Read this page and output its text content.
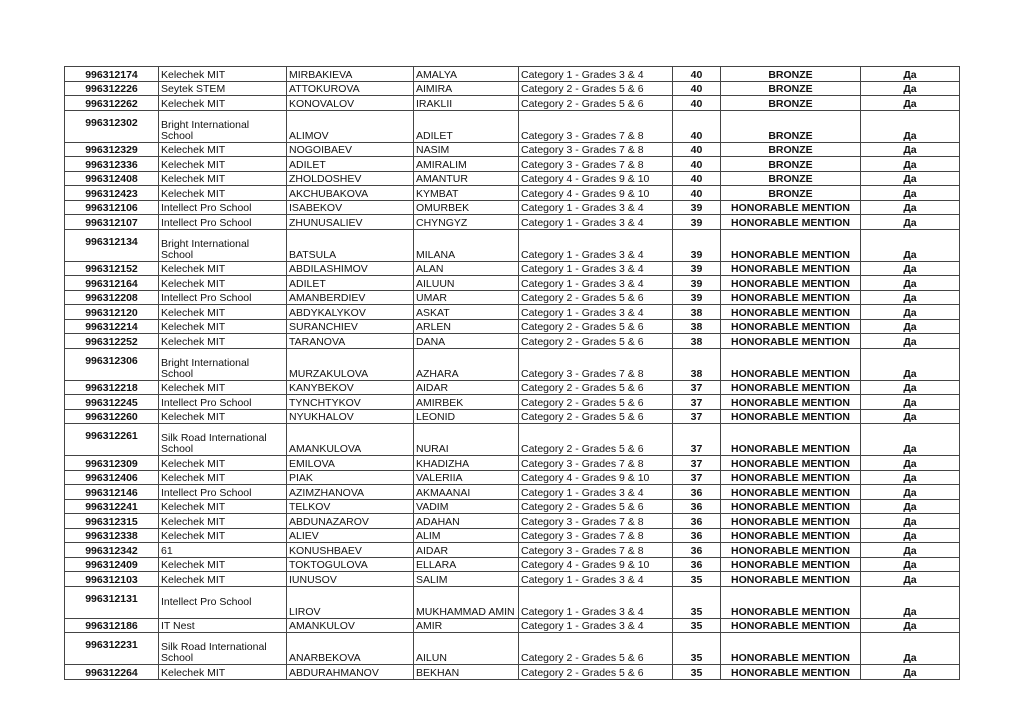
996312174	Kelechek MIT	MIRBAKIEVA	AMALYA	Category 1 - Grades 3 & 4	40	BRONZE	Да
996312226	Seytek STEM	ATTOKUROVA	AIMIRA	Category 2 - Grades 5 & 6	40	BRONZE	Да
996312262	Kelechek MIT	KONOVALOV	IRAKLII	Category 2 - Grades 5 & 6	40	BRONZE	Да
996312302	Bright International School	ALIMOV	ADILET	Category 3 - Grades 7 & 8	40	BRONZE	Да
996312329	Kelechek MIT	NOGOIBAEV	NASIM	Category 3 - Grades 7 & 8	40	BRONZE	Да
996312336	Kelechek MIT	ADILET	AMIRALIM	Category 3 - Grades 7 & 8	40	BRONZE	Да
996312408	Kelechek MIT	ZHOLDOSHEV	AMANTUR	Category 4 - Grades 9 & 10	40	BRONZE	Да
996312423	Kelechek MIT	AKCHUBAKOVA	KYMBAT	Category 4 - Grades 9 & 10	40	BRONZE	Да
996312106	Intellect Pro School	ISABEKOV	OMURBEK	Category 1 - Grades 3 & 4	39	HONORABLE MENTION	Да
996312107	Intellect Pro School	ZHUNUSALIEV	CHYNGYZ	Category 1 - Grades 3 & 4	39	HONORABLE MENTION	Да
996312134	Bright International School	BATSULA	MILANA	Category 1 - Grades 3 & 4	39	HONORABLE MENTION	Да
996312152	Kelechek MIT	ABDILASHIMOV	ALAN	Category 1 - Grades 3 & 4	39	HONORABLE MENTION	Да
996312164	Kelechek MIT	ADILET	AILUUN	Category 1 - Grades 3 & 4	39	HONORABLE MENTION	Да
996312208	Intellect Pro School	AMANBERDIEV	UMAR	Category 2 - Grades 5 & 6	39	HONORABLE MENTION	Да
996312120	Kelechek MIT	ABDYKALYKOV	ASKAT	Category 1 - Grades 3 & 4	38	HONORABLE MENTION	Да
996312214	Kelechek MIT	SURANCHIEV	ARLEN	Category 2 - Grades 5 & 6	38	HONORABLE MENTION	Да
996312252	Kelechek MIT	TARANOVA	DANA	Category 2 - Grades 5 & 6	38	HONORABLE MENTION	Да
996312306	Bright International School	MURZAKULOVA	AZHARA	Category 3 - Grades 7 & 8	38	HONORABLE MENTION	Да
996312218	Kelechek MIT	KANYBEKOV	AIDAR	Category 2 - Grades 5 & 6	37	HONORABLE MENTION	Да
996312245	Intellect Pro School	TYNCHTYKOV	AMIRBEK	Category 2 - Grades 5 & 6	37	HONORABLE MENTION	Да
996312260	Kelechek MIT	NYUKHALOV	LEONID	Category 2 - Grades 5 & 6	37	HONORABLE MENTION	Да
996312261	Silk Road International School	AMANKULOVA	NURAI	Category 2 - Grades 5 & 6	37	HONORABLE MENTION	Да
996312309	Kelechek MIT	EMILOVA	KHADIZHA	Category 3 - Grades 7 & 8	37	HONORABLE MENTION	Да
996312406	Kelechek MIT	PIAK	VALERIIA	Category 4 - Grades 9 & 10	37	HONORABLE MENTION	Да
996312146	Intellect Pro School	AZIMZHANOVA	AKMAANAI	Category 1 - Grades 3 & 4	36	HONORABLE MENTION	Да
996312241	Kelechek MIT	TELKOV	VADIM	Category 2 - Grades 5 & 6	36	HONORABLE MENTION	Да
996312315	Kelechek MIT	ABDUNAZAROV	ADAHAN	Category 3 - Grades 7 & 8	36	HONORABLE MENTION	Да
996312338	Kelechek MIT	ALIEV	ALIM	Category 3 - Grades 7 & 8	36	HONORABLE MENTION	Да
996312342	61	KONUSHBAEV	AIDAR	Category 3 - Grades 7 & 8	36	HONORABLE MENTION	Да
996312409	Kelechek MIT	TOKTOGULOVA	ELLARA	Category 4 - Grades 9 & 10	36	HONORABLE MENTION	Да
996312103	Kelechek MIT	IUNUSOV	SALIM	Category 1 - Grades 3 & 4	35	HONORABLE MENTION	Да
996312131	Intellect Pro School	LIROV	MUKHAMMAD AMIN	Category 1 - Grades 3 & 4	35	HONORABLE MENTION	Да
996312186	IT Nest	AMANKULOV	AMIR	Category 1 - Grades 3 & 4	35	HONORABLE MENTION	Да
996312231	Silk Road International School	ANARBEKOVA	AILUN	Category 2 - Grades 5 & 6	35	HONORABLE MENTION	Да
996312264	Kelechek MIT	ABDURAHMANOV	BEKHAN	Category 2 - Grades 5 & 6	35	HONORABLE MENTION	Да
